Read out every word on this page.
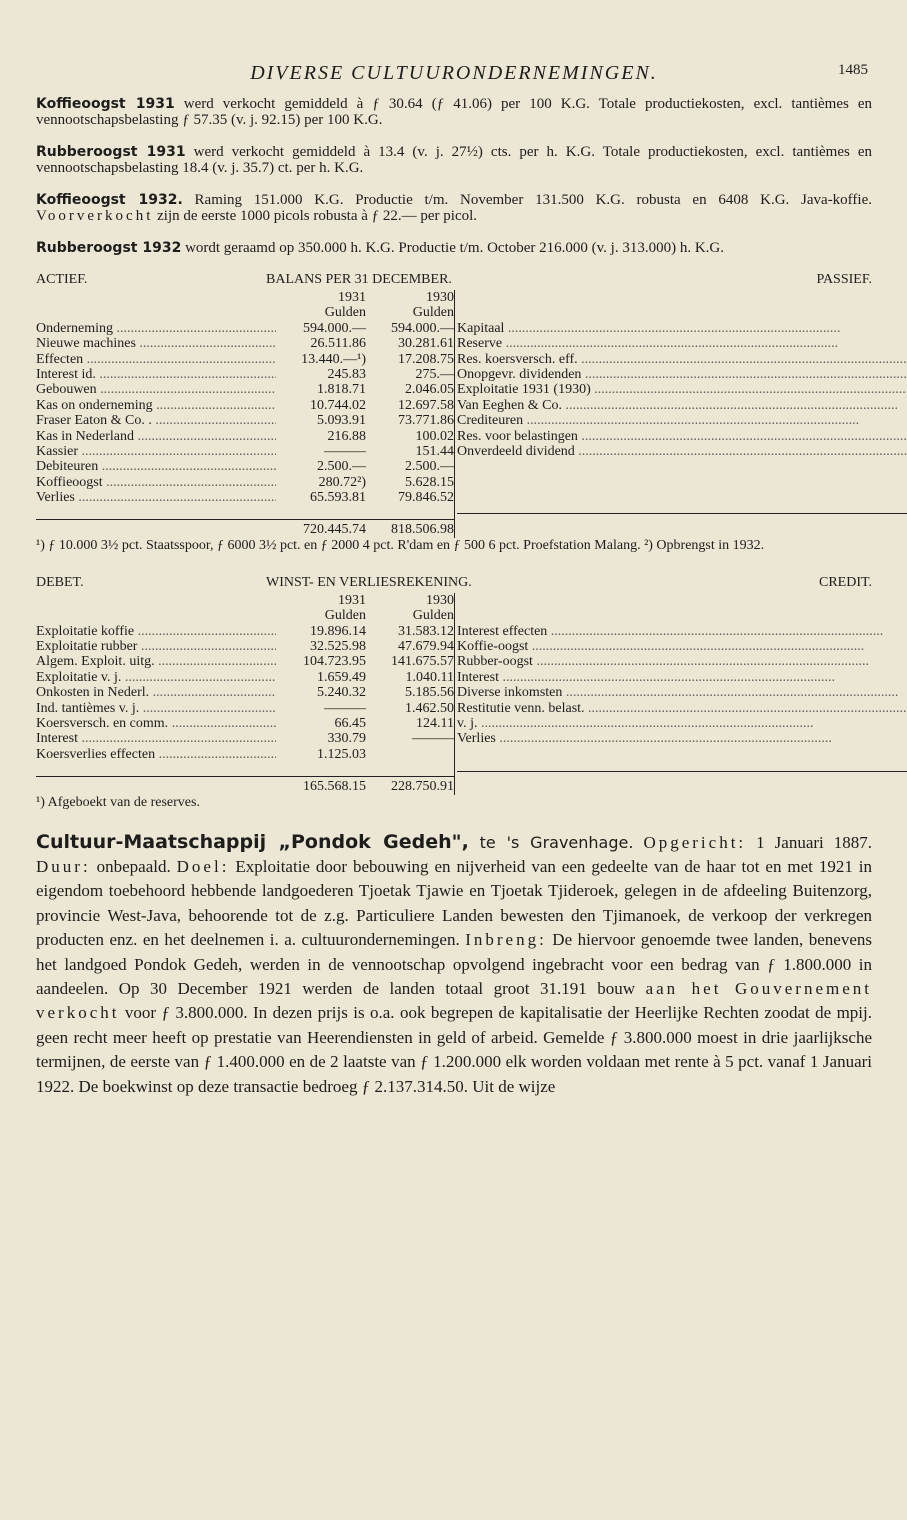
DIVERSE CULTUURONDERNEMINGEN.	1485

Koffieoogst 1931 werd verkocht gemiddeld à ƒ 30.64 (ƒ 41.06) per 100 K.G. Totale productiekosten, excl. tantièmes en vennootschapsbelasting ƒ 57.35 (v. j. 92.15) per 100 K.G.

Rubberoogst 1931 werd verkocht gemiddeld à 13.4 (v. j. 27½) cts. per h. K.G. Totale productiekosten, excl. tantièmes en vennootschapsbelasting 18.4 (v. j. 35.7) ct. per h. K.G.

Koffieoogst 1932. Raming 151.000 K.G. Productie t/m. November 131.500 K.G. robusta en 6408 K.G. Java-koffie. Voorverkocht zijn de eerste 1000 picols robusta à ƒ 22.— per picol.

Rubberoogst 1932 wordt geraamd op 350.000 h. K.G. Productie t/m. October 216.000 (v. j. 313.000) h. K.G.

ACTIEF.	BALANS PER 31 DECEMBER.	PASSIEF.
1931	1930
Gulden	Gulden
Onderneming .....	594.000.—	594.000.—
Nieuwe machines .....	26.511.86	30.281.61
Effecten .....	13.440.—¹)	17.208.75
Interest id. .....	245.83	275.—
Gebouwen .....	1.818.71	2.046.05
Kas on onderneming .....	10.744.02	12.697.58
Fraser Eaton & Co. . .....	5.093.91	73.771.86
Kas in Nederland .....	216.88	100.02
Kassier .....	———	151.44
Debiteuren .....	2.500.—	2.500.—
Koffieoogst .....	280.72²)	5.628.15
Verlies .....	65.593.81	79.846.52
720.445.74	818.506.98
Kapitaal .....
Reserve .....
Res. koersversch. eff. .....
Onopgevr. dividenden .....
Exploitatie 1931 (1930) .....
Van Eeghen & Co. .....
Crediteuren .....
Res. voor belastingen .....
Onverdeeld dividend .....
¹) ƒ 10.000 3½ pct. Staatsspoor, ƒ 6000 3½ pct. en ƒ 2000 4 pct. R'dam en ƒ 500 6 pct. Proefstation Malang. ²) Opbrengst in 1932.
DEBET.	WINST- EN VERLIESREKENING.	CREDIT.
1931	1930
Gulden	Gulden
Exploitatie koffie .....	19.896.14	31.583.12
Exploitatie rubber .....	32.525.98	47.679.94
Algem. Exploit. uitg. .....	104.723.95	141.675.57
Exploitatie v. j. .....	1.659.49	1.040.11
Onkosten in Nederl. .....	5.240.32	5.185.56
Ind. tantièmes v. j. .....	———	1.462.50
Koersversch. en comm. .....	66.45	124.11
Interest .....	330.79	———
Koersverlies effecten .....	1.125.03
165.568.15	228.750.91
Interest effecten .....
Koffie-oogst .....
Rubber-oogst .....
Interest .....
Diverse inkomsten .....
Restitutie venn. belast. .....
v. j. .....
Verlies .....
¹) Afgeboekt van de reserves.
Cultuur-Maatschappij „Pondok Gedeh", te 's Gravenhage. Opgericht: 1 Januari 1887. Duur: onbepaald. Doel: Exploitatie door bebouwing en nijverheid van een gedeelte van de haar tot en met 1921 in eigendom toebehoord hebbende landgoederen Tjoetak Tjawie en Tjoetak Tjideroek, gelegen in de afdeeling Buitenzorg, provincie West-Java, behoorende tot de z.g. Particuliere Landen bewesten den Tjimanoek, de verkoop der verkregen producten enz. en het deelnemen i. a. cultuurondernemingen. Inbreng: De hiervoor genoemde twee landen, benevens het landgoed Pondok Gedeh, werden in de vennootschap opvolgend ingebracht voor een bedrag van ƒ 1.800.000 in aandeelen. Op 30 December 1921 werden de landen totaal groot 31.191 bouw aan het Gouvernement verkocht voor ƒ 3.800.000. In dezen prijs is o.a. ook begrepen de kapitalisatie der Heerlijke Rechten zoodat de mpij. geen recht meer heeft op prestatie van Heerendiensten in geld of arbeid. Gemelde ƒ 3.800.000 moest in drie jaarlijksche termijnen, de eerste van ƒ 1.400.000 en de 2 laatste van ƒ 1.200.000 elk worden voldaan met rente à 5 pct. vanaf 1 Januari 1922. De boekwinst op deze transactie bedroeg ƒ 2.137.314.50. Uit de wijze
